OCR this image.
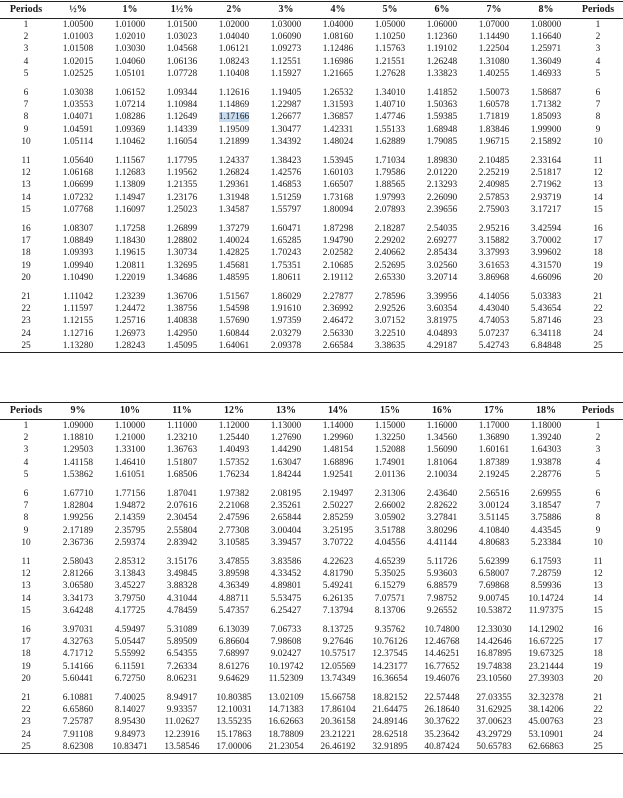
Periods	½%	1%	1½%	2%	3%	4%	5%	6%	7%	8%	Periods
1	1.00500	1.01000	1.01500	1.02000	1.03000	1.04000	1.05000	1.06000	1.07000	1.08000	1
2	1.01003	1.02010	1.03023	1.04040	1.06090	1.08160	1.10250	1.12360	1.14490	1.16640	2
3	1.01508	1.03030	1.04568	1.06121	1.09273	1.12486	1.15763	1.19102	1.22504	1.25971	3
4	1.02015	1.04060	1.06136	1.08243	1.12551	1.16986	1.21551	1.26248	1.31080	1.36049	4
5	1.02525	1.05101	1.07728	1.10408	1.15927	1.21665	1.27628	1.33823	1.40255	1.46933	5

6	1.03038	1.06152	1.09344	1.12616	1.19405	1.26532	1.34010	1.41852	1.50073	1.58687	6
7	1.03553	1.07214	1.10984	1.14869	1.22987	1.31593	1.40710	1.50363	1.60578	1.71382	7
8	1.04071	1.08286	1.12649	1.17166	1.26677	1.36857	1.47746	1.59385	1.71819	1.85093	8
9	1.04591	1.09369	1.14339	1.19509	1.30477	1.42331	1.55133	1.68948	1.83846	1.99900	9
10	1.05114	1.10462	1.16054	1.21899	1.34392	1.48024	1.62889	1.79085	1.96715	2.15892	10

11	1.05640	1.11567	1.17795	1.24337	1.38423	1.53945	1.71034	1.89830	2.10485	2.33164	11
12	1.06168	1.12683	1.19562	1.26824	1.42576	1.60103	1.79586	2.01220	2.25219	2.51817	12
13	1.06699	1.13809	1.21355	1.29361	1.46853	1.66507	1.88565	2.13293	2.40985	2.71962	13
14	1.07232	1.14947	1.23176	1.31948	1.51259	1.73168	1.97993	2.26090	2.57853	2.93719	14
15	1.07768	1.16097	1.25023	1.34587	1.55797	1.80094	2.07893	2.39656	2.75903	3.17217	15

16	1.08307	1.17258	1.26899	1.37279	1.60471	1.87298	2.18287	2.54035	2.95216	3.42594	16
17	1.08849	1.18430	1.28802	1.40024	1.65285	1.94790	2.29202	2.69277	3.15882	3.70002	17
18	1.09393	1.19615	1.30734	1.42825	1.70243	2.02582	2.40662	2.85434	3.37993	3.99602	18
19	1.09940	1.20811	1.32695	1.45681	1.75351	2.10685	2.52695	3.02560	3.61653	4.31570	19
20	1.10490	1.22019	1.34686	1.48595	1.80611	2.19112	2.65330	3.20714	3.86968	4.66096	20

21	1.11042	1.23239	1.36706	1.51567	1.86029	2.27877	2.78596	3.39956	4.14056	5.03383	21
22	1.11597	1.24472	1.38756	1.54598	1.91610	2.36992	2.92526	3.60354	4.43040	5.43654	22
23	1.12155	1.25716	1.40838	1.57690	1.97359	2.46472	3.07152	3.81975	4.74053	5.87146	23
24	1.12716	1.26973	1.42950	1.60844	2.03279	2.56330	3.22510	4.04893	5.07237	6.34118	24
25	1.13280	1.28243	1.45095	1.64061	2.09378	2.66584	3.38635	4.29187	5.42743	6.84848	25
Periods	9%	10%	11%	12%	13%	14%	15%	16%	17%	18%	Periods
1	1.09000	1.10000	1.11000	1.12000	1.13000	1.14000	1.15000	1.16000	1.17000	1.18000	1
2	1.18810	1.21000	1.23210	1.25440	1.27690	1.29960	1.32250	1.34560	1.36890	1.39240	2
3	1.29503	1.33100	1.36763	1.40493	1.44290	1.48154	1.52088	1.56090	1.60161	1.64303	3
4	1.41158	1.46410	1.51807	1.57352	1.63047	1.68896	1.74901	1.81064	1.87389	1.93878	4
5	1.53862	1.61051	1.68506	1.76234	1.84244	1.92541	2.01136	2.10034	2.19245	2.28776	5

6	1.67710	1.77156	1.87041	1.97382	2.08195	2.19497	2.31306	2.43640	2.56516	2.69955	6
7	1.82804	1.94872	2.07616	2.21068	2.35261	2.50227	2.66002	2.82622	3.00124	3.18547	7
8	1.99256	2.14359	2.30454	2.47596	2.65844	2.85259	3.05902	3.27841	3.51145	3.75886	8
9	2.17189	2.35795	2.55804	2.77308	3.00404	3.25195	3.51788	3.80296	4.10840	4.43545	9
10	2.36736	2.59374	2.83942	3.10585	3.39457	3.70722	4.04556	4.41144	4.80683	5.23384	10

11	2.58043	2.85312	3.15176	3.47855	3.83586	4.22623	4.65239	5.11726	5.62399	6.17593	11
12	2.81266	3.13843	3.49845	3.89598	4.33452	4.81790	5.35025	5.93603	6.58007	7.28759	12
13	3.06580	3.45227	3.88328	4.36349	4.89801	5.49241	6.15279	6.88579	7.69868	8.59936	13
14	3.34173	3.79750	4.31044	4.88711	5.53475	6.26135	7.07571	7.98752	9.00745	10.14724	14
15	3.64248	4.17725	4.78459	5.47357	6.25427	7.13794	8.13706	9.26552	10.53872	11.97375	15

16	3.97031	4.59497	5.31089	6.13039	7.06733	8.13725	9.35762	10.74800	12.33030	14.12902	16
17	4.32763	5.05447	5.89509	6.86604	7.98608	9.27646	10.76126	12.46768	14.42646	16.67225	17
18	4.71712	5.55992	6.54355	7.68997	9.02427	10.57517	12.37545	14.46251	16.87895	19.67325	18
19	5.14166	6.11591	7.26334	8.61276	10.19742	12.05569	14.23177	16.77652	19.74838	23.21444	19
20	5.60441	6.72750	8.06231	9.64629	11.52309	13.74349	16.36654	19.46076	23.10560	27.39303	20

21	6.10881	7.40025	8.94917	10.80385	13.02109	15.66758	18.82152	22.57448	27.03355	32.32378	21
22	6.65860	8.14027	9.93357	12.10031	14.71383	17.86104	21.64475	26.18640	31.62925	38.14206	22
23	7.25787	8.95430	11.02627	13.55235	16.62663	20.36158	24.89146	30.37622	37.00623	45.00763	23
24	7.91108	9.84973	12.23916	15.17863	18.78809	23.21221	28.62518	35.23642	43.29729	53.10901	24
25	8.62308	10.83471	13.58546	17.00006	21.23054	26.46192	32.91895	40.87424	50.65783	62.66863	25
